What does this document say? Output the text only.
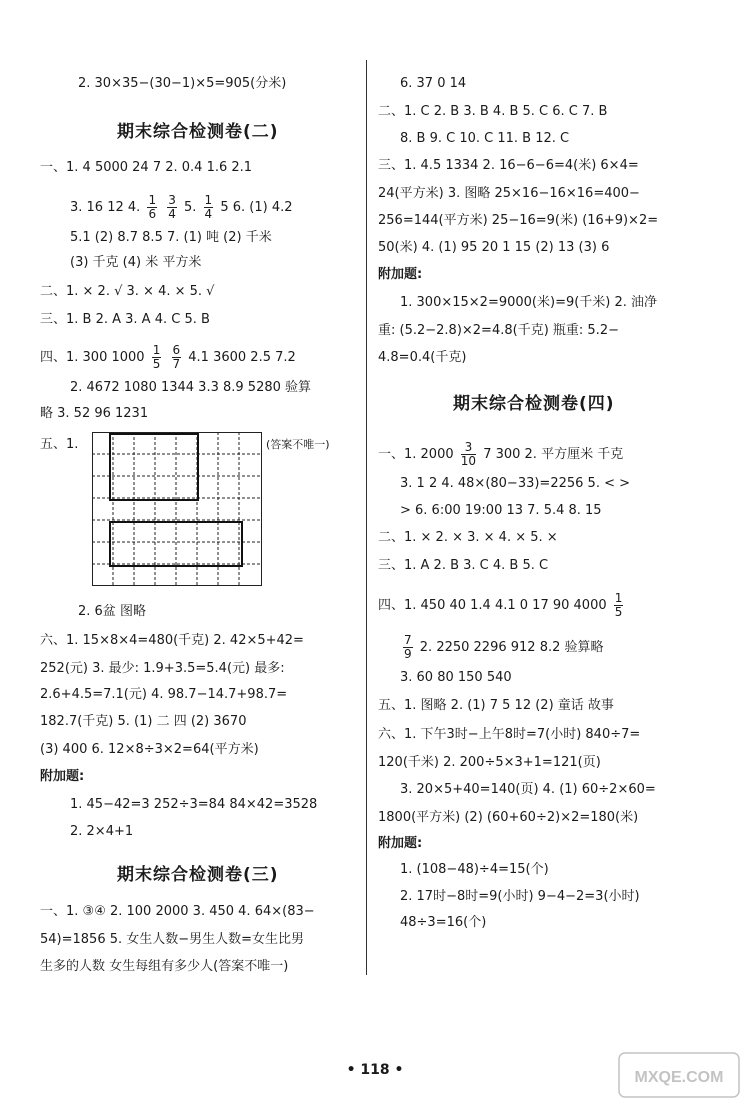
2. 30×35−(30−1)×5=905(分米)
期末综合检测卷(二)
一、1. 4 5000 24 7 2. 0.4 1.6 2.1
3. 16 12 4. $\frac{1}{6}$
$\frac{3}{4} 5$. $\frac{1}{4} 5$ 6. (1) 4.2
5.1 (2) 8.7 8.5 7. (1) 吨 (2) 千米
(3) 千克 (4) 米 平方米
二、1. × 2. √ 3. × 4. × 5. √
三、1. B 2. A 3. A 4. C 5. B
四、1. 300 $1000 \frac{1}{5}$
$\frac{6}{7} 4.1$ 3600 2.5 7.2
2. 4672 1080 1344 3.3 8.9 5280 验算
略 3. 52 96 1231
五、1.	(答案不唯一)
2. 6盆 图略
六、1. 15×8×4=480(千克) 2. 42×5+42=
252(元) 3. 最少: 1.9+3.5=5.4(元) 最多:
2.6+4.5=7.1(元) 4. 98.7−14.7+98.7=
182.7(千克) 5. (1) 二 四 (2) 3670
(3) 400 6. 12×8÷3×2=64(平方米)
附加题:
1. 45−42=3 252÷3=84 84×42=3528
2. 2×4+1
期末综合检测卷(三)
一、1. ③④ 2. 100 2000 3. 450 4. 64×(83−
54)=1856 5. 女生人数−男生人数=女生比男
生多的人数 女生每组有多少人(答案不唯一)
6. 37 0 14
二、1. C 2. B 3. B 4. B 5. C 6. C 7. B
8. B 9. C 10. C 11. B 12. C
三、1. 4.5 1334 2. 16−6−6=4(米) 6×4=
24(平方米) 3. 图略 25×16−16×16=400−
256=144(平方米) 25−16=9(米) (16+9)×2=
50(米) 4. (1) 95 20 1 15 (2) 13 (3) 6
附加题:
1. 300×15×2=9000(米)=9(千米) 2. 油净
重: (5.2−2.8)×2=4.8(千克) 瓶重: 5.2−
4.8=0.4(千克)
期末综合检测卷(四)
一、1. $2000 \frac{3}{10} 7$ 300 2. 平方厘米 千克
3. 1 2 4. 48×(80−33)=2256 5. < >
> 6. 6:00 19:00 13 7. 5.4 8. 15
二、1. × 2. × 3. × 4. × 5. ×
三、1. A 2. B 3. C 4. B 5. C
四、1. 450 40 1.4 4.1 0 17 90 $4000 \frac{1}{5}$
$\frac{7}{9} 2$. 2250 2296 912 8.2 验算略
3. 60 80 150 540
五、1. 图略 2. (1) 7 5 12 (2) 童话 故事
六、1. 下午3时−上午8时=7(小时) 840÷7=
120(千米) 2. 200÷5×3+1=121(页)
3. 20×5+40=140(页) 4. (1) 60÷2×60=
1800(平方米) (2) (60+60÷2)×2=180(米)
附加题:
1. (108−48)÷4=15(个)
2. 17时−8时=9(小时) 9−4−2=3(小时)
48÷3=16(个)
• 118 •	MXQE.COM
